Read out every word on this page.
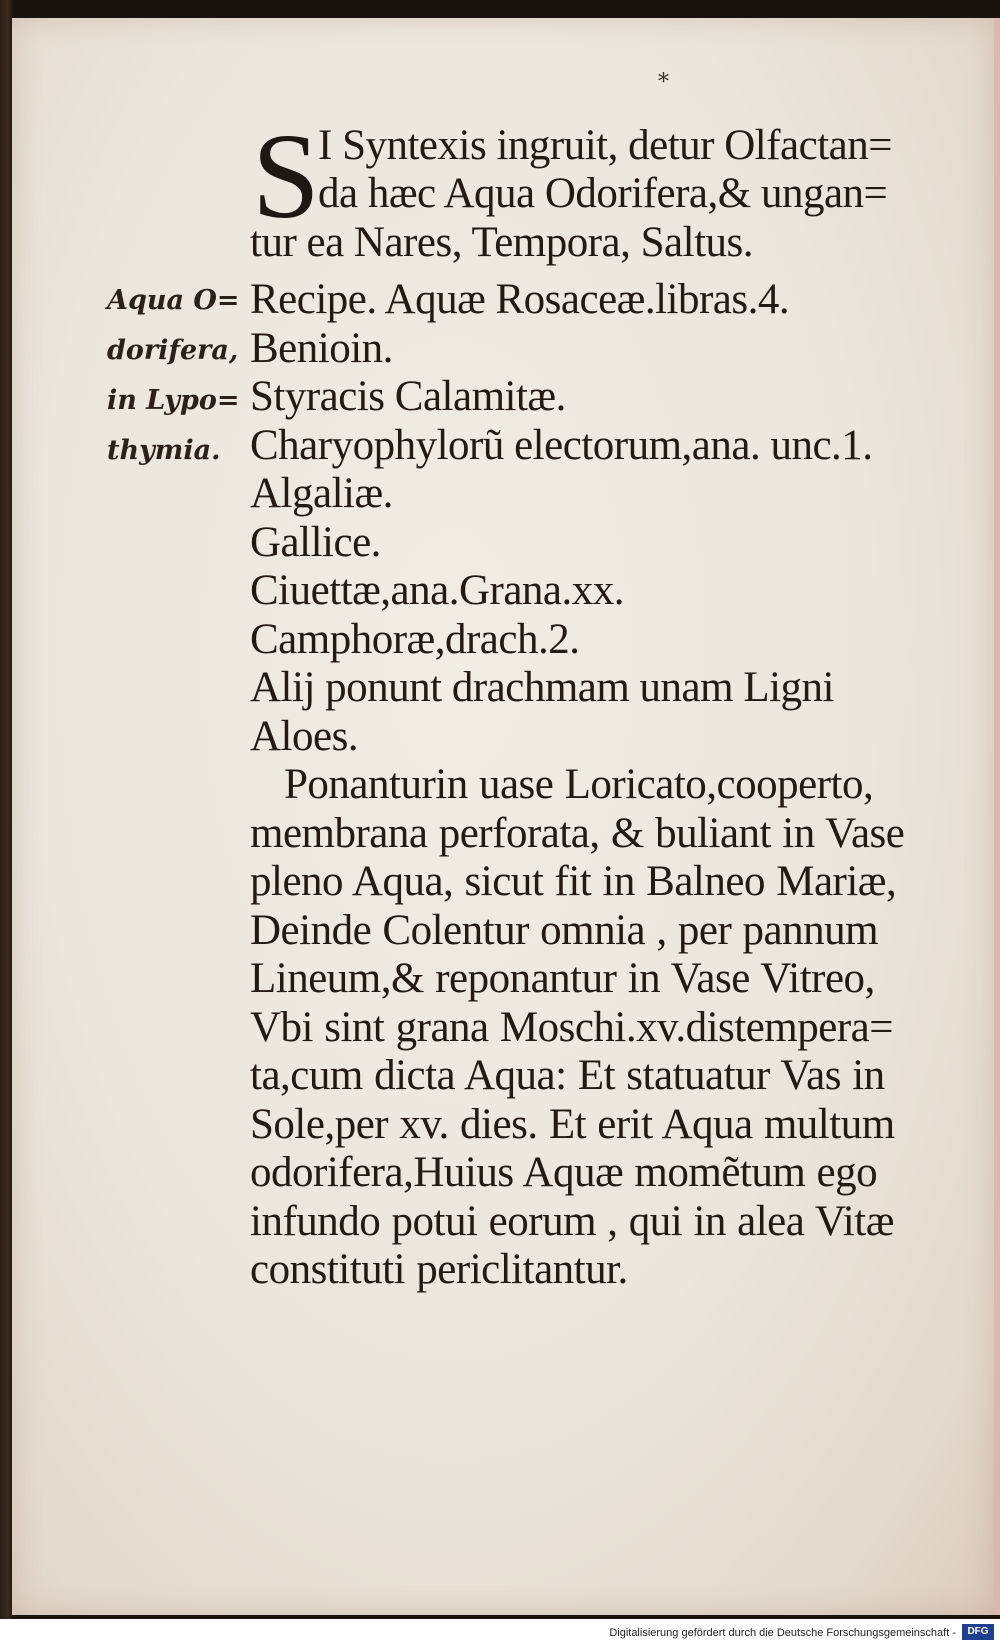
*
Aqua O=
dorifera,
in Lypo=
thymia.
S
I Syntexis ingruit, detur Olfactan=
da hæc Aqua Odorifera,& ungan=
tur ea Nares, Tempora, Saltus.
Recipe. Aquæ Rosaceæ.libras.4.
Benioin.
Styracis Calamitæ.
Charyophylorũ electorum,ana. unc.1.
Algaliæ.
Gallice.
Ciuettæ,ana.Grana.xx.
Camphoræ,drach.2.
Alij ponunt drachmam unam Ligni
Aloes.
Ponanturin uase Loricato,cooperto,
membrana perforata, & buliant in Vase
pleno Aqua, sicut fit in Balneo Mariæ,
Deinde Colentur omnia , per pannum
Lineum,& reponantur in Vase Vitreo,
Vbi sint grana Moschi.xv.distempera=
ta,cum dicta Aqua: Et statuatur Vas in
Sole,per xv. dies. Et erit Aqua multum
odorifera,Huius Aquæ momẽtum ego
infundo potui eorum , qui in alea Vitæ
constituti periclitantur.
Digitalisierung gefördert durch die Deutsche Forschungsgemeinschaft -	DFG
